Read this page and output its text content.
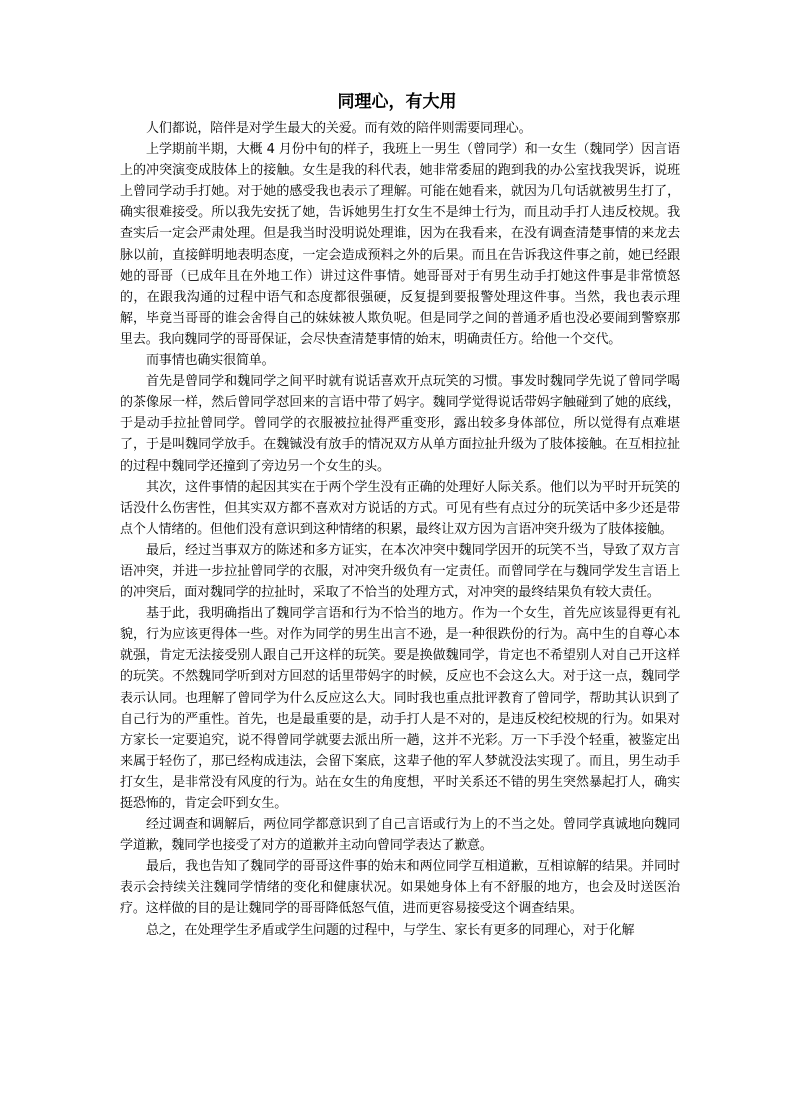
同理心，有大用

人们都说，陪伴是对学生最大的关爱。而有效的陪伴则需要同理心。

上学期前半期，大概 4 月份中旬的样子，我班上一男生（曾同学）和一女生（魏同学）因言语上的冲突演变成肢体上的接触。女生是我的科代表，她非常委屈的跑到我的办公室找我哭诉，说班上曾同学动手打她。对于她的感受我也表示了理解。可能在她看来，就因为几句话就被男生打了，确实很难接受。所以我先安抚了她，告诉她男生打女生不是绅士行为，而且动手打人违反校规。我查实后一定会严肃处理。但是我当时没明说处理谁，因为在我看来，在没有调查清楚事情的来龙去脉以前，直接鲜明地表明态度，一定会造成预料之外的后果。而且在告诉我这件事之前，她已经跟她的哥哥（已成年且在外地工作）讲过这件事情。她哥哥对于有男生动手打她这件事是非常愤怒的，在跟我沟通的过程中语气和态度都很强硬，反复提到要报警处理这件事。当然，我也表示理解，毕竟当哥哥的谁会舍得自己的妹妹被人欺负呢。但是同学之间的普通矛盾也没必要闹到警察那里去。我向魏同学的哥哥保证，会尽快查清楚事情的始末，明确责任方。给他一个交代。

而事情也确实很简单。

首先是曾同学和魏同学之间平时就有说话喜欢开点玩笑的习惯。事发时魏同学先说了曾同学喝的茶像尿一样，然后曾同学怼回来的言语中带了妈字。魏同学觉得说话带妈字触碰到了她的底线，于是动手拉扯曾同学。曾同学的衣服被拉扯得严重变形，露出较多身体部位，所以觉得有点难堪了，于是叫魏同学放手。在魏铖没有放手的情况双方从单方面拉扯升级为了肢体接触。在互相拉扯的过程中魏同学还撞到了旁边另一个女生的头。

其次，这件事情的起因其实在于两个学生没有正确的处理好人际关系。他们以为平时开玩笑的话没什么伤害性，但其实双方都不喜欢对方说话的方式。可见有些有点过分的玩笑话中多少还是带点个人情绪的。但他们没有意识到这种情绪的积累，最终让双方因为言语冲突升级为了肢体接触。

最后，经过当事双方的陈述和多方证实，在本次冲突中魏同学因开的玩笑不当，导致了双方言语冲突，并进一步拉扯曾同学的衣服，对冲突升级负有一定责任。而曾同学在与魏同学发生言语上的冲突后，面对魏同学的拉扯时，采取了不恰当的处理方式，对冲突的最终结果负有较大责任。

基于此，我明确指出了魏同学言语和行为不恰当的地方。作为一个女生，首先应该显得更有礼貌，行为应该更得体一些。对作为同学的男生出言不逊，是一种很跌份的行为。高中生的自尊心本就强，肯定无法接受别人跟自己开这样的玩笑。要是换做魏同学，肯定也不希望别人对自己开这样的玩笑。不然魏同学听到对方回怼的话里带妈字的时候，反应也不会这么大。对于这一点，魏同学表示认同。也理解了曾同学为什么反应这么大。同时我也重点批评教育了曾同学，帮助其认识到了自己行为的严重性。首先，也是最重要的是，动手打人是不对的，是违反校纪校规的行为。如果对方家长一定要追究，说不得曾同学就要去派出所一趟，这并不光彩。万一下手没个轻重，被鉴定出来属于轻伤了，那已经构成违法，会留下案底，这辈子他的军人梦就没法实现了。而且，男生动手打女生，是非常没有风度的行为。站在女生的角度想，平时关系还不错的男生突然暴起打人，确实挺恐怖的，肯定会吓到女生。

经过调查和调解后，两位同学都意识到了自己言语或行为上的不当之处。曾同学真诚地向魏同学道歉，魏同学也接受了对方的道歉并主动向曾同学表达了歉意。

最后，我也告知了魏同学的哥哥这件事的始末和两位同学互相道歉，互相谅解的结果。并同时表示会持续关注魏同学情绪的变化和健康状况。如果她身体上有不舒服的地方，也会及时送医治疗。这样做的目的是让魏同学的哥哥降低怒气值，进而更容易接受这个调查结果。

总之，在处理学生矛盾或学生问题的过程中，与学生、家长有更多的同理心，对于化解
